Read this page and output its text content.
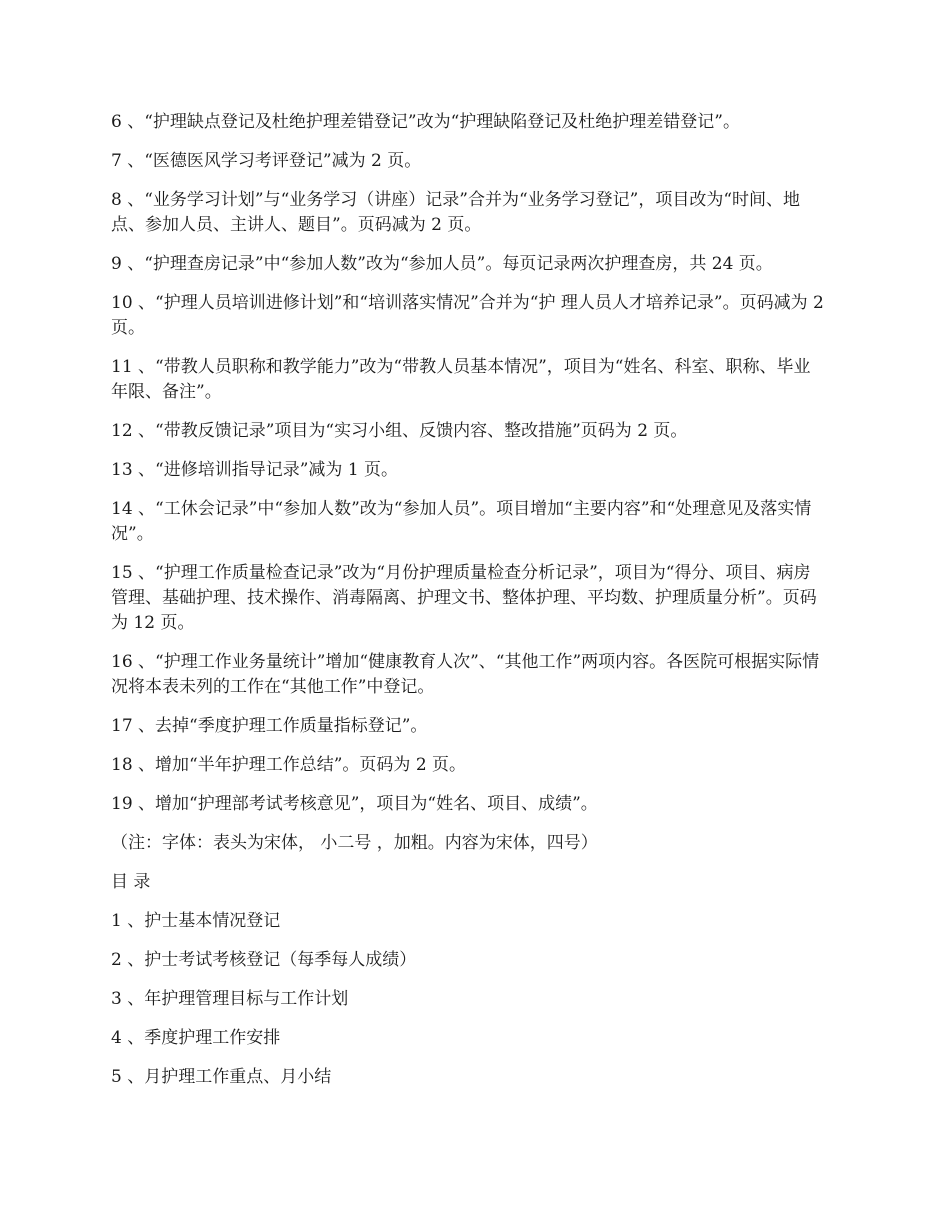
6 、“护理缺点登记及杜绝护理差错登记”改为“护理缺陷登记及杜绝护理差错登记”。

7 、“医德医风学习考评登记”减为 2 页。

8 、“业务学习计划”与“业务学习（讲座）记录”合并为“业务学习登记”，项目改为“时间、地点、参加人员、主讲人、题目”。页码减为 2 页。

9 、“护理查房记录”中“参加人数”改为“参加人员”。每页记录两次护理查房，共 24 页。

10 、“护理人员培训进修计划”和“培训落实情况”合并为“护 理人员人才培养记录”。页码减为 2 页。

11 、“带教人员职称和教学能力”改为“带教人员基本情况”，项目为“姓名、科室、职称、毕业年限、备注”。

12 、“带教反馈记录”项目为“实习小组、反馈内容、整改措施”页码为 2 页。

13 、“进修培训指导记录”减为 1 页。

14 、“工休会记录”中“参加人数”改为“参加人员”。项目增加“主要内容”和“处理意见及落实情况”。

15 、“护理工作质量检查记录”改为“月份护理质量检查分析记录”，项目为“得分、项目、病房管理、基础护理、技术操作、消毒隔离、护理文书、整体护理、平均数、护理质量分析”。页码为 12 页。

16 、“护理工作业务量统计”增加“健康教育人次”、“其他工作”两项内容。各医院可根据实际情况将本表未列的工作在“其他工作”中登记。

17 、去掉“季度护理工作质量指标登记”。

18 、增加“半年护理工作总结”。页码为 2 页。

19 、增加“护理部考试考核意见”，项目为“姓名、项目、成绩”。

（注：字体：表头为宋体， 小二号 ，加粗。内容为宋体，四号）

目 录

1 、护士基本情况登记

2 、护士考试考核登记（每季每人成绩）

3 、年护理管理目标与工作计划

4 、季度护理工作安排

5 、月护理工作重点、月小结
